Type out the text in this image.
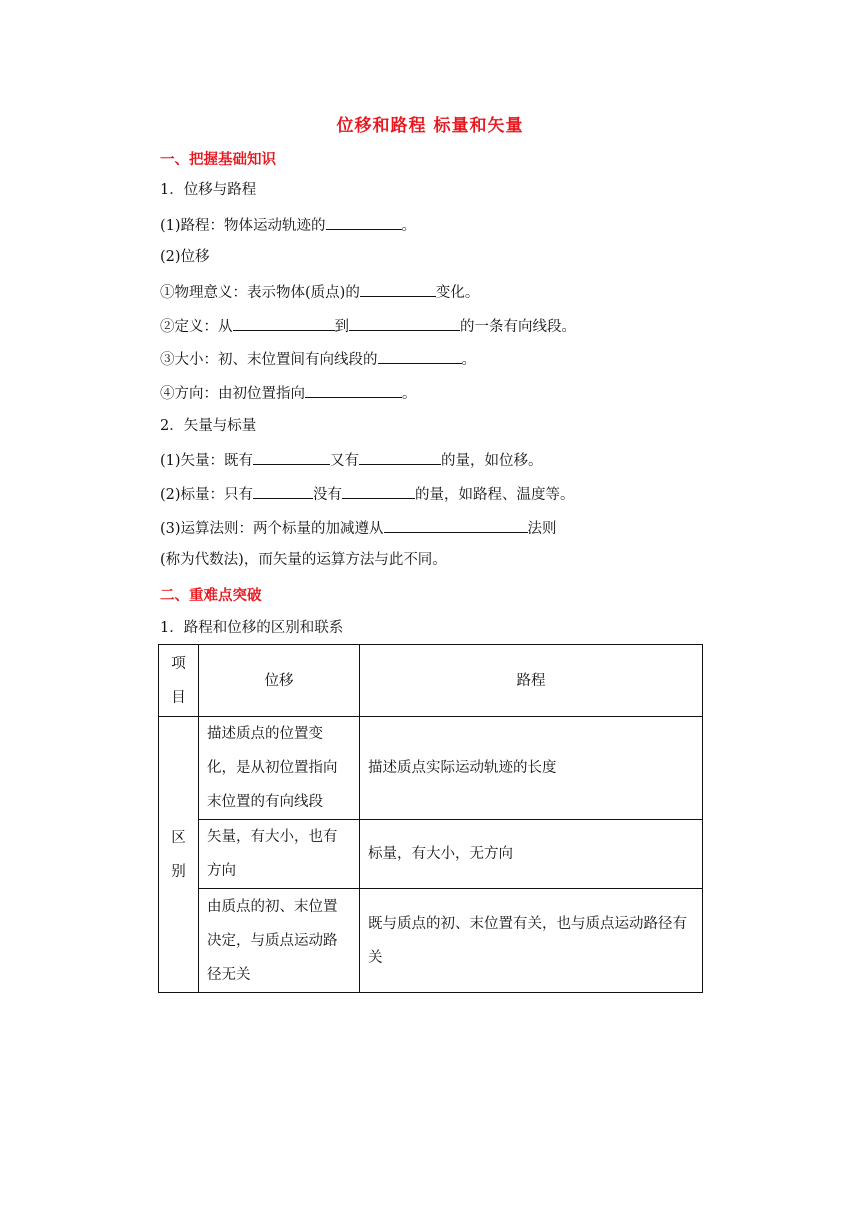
位移和路程 标量和矢量
一、把握基础知识
1．位移与路程
(1)路程：物体运动轨迹的	。
(2)位移
①物理意义：表示物体(质点)的	变化。
②定义：从	到	的一条有向线段。
③大小：初、末位置间有向线段的	。
④方向：由初位置指向	。
2．矢量与标量
(1)矢量：既有	又有	的量，如位移。
(2)标量：只有	没有	的量，如路程、温度等。
(3)运算法则：两个标量的加减遵从	法则
(称为代数法)，而矢量的运算方法与此不同。
二、重难点突破
1．路程和位移的区别和联系
项目	位移	路程
区别	描述质点的位置变化，是从初位置指向末位置的有向线段	描述质点实际运动轨迹的长度
	矢量，有大小，也有方向	标量，有大小，无方向
	由质点的初、末位置决定，与质点运动路径无关	既与质点的初、末位置有关，也与质点运动路径有关
